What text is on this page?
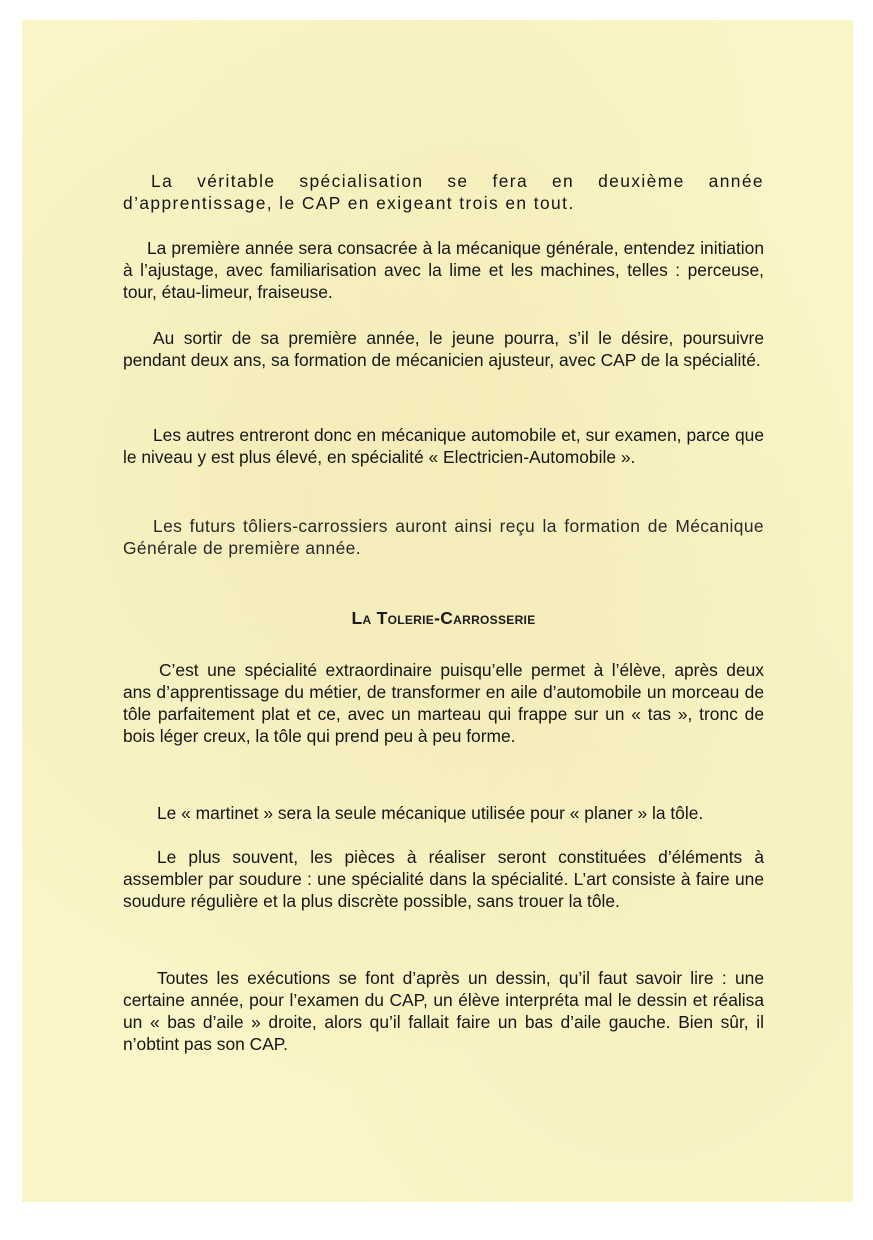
La véritable spécialisation se fera en deuxième année d’apprentissage, le CAP en exigeant trois en tout.

La première année sera consacrée à la mécanique générale, entendez initiation à l’ajustage, avec familiarisation avec la lime et les machines, telles : perceuse, tour, étau-limeur, fraiseuse.

Au sortir de sa première année, le jeune pourra, s’il le désire, poursuivre pendant deux ans, sa formation de mécanicien ajusteur, avec CAP de la spécialité.

Les autres entreront donc en mécanique automobile et, sur examen, parce que le niveau y est plus élevé, en spécialité « Electricien-Automobile ».

Les futurs tôliers-carrossiers auront ainsi reçu la formation de Mécanique Générale de première année.

La Tolerie-Carrosserie

C’est une spécialité extraordinaire puisqu’elle permet à l’élève, après deux ans d’apprentissage du métier, de transformer en aile d’automobile un morceau de tôle parfaitement plat et ce, avec un marteau qui frappe sur un « tas », tronc de bois léger creux, la tôle qui prend peu à peu forme.

Le « martinet » sera la seule mécanique utilisée pour « planer » la tôle.

Le plus souvent, les pièces à réaliser seront constituées d’éléments à assembler par soudure : une spécialité dans la spécialité. L’art consiste à faire une soudure régulière et la plus discrète possible, sans trouer la tôle.

Toutes les exécutions se font d’après un dessin, qu’il faut savoir lire : une certaine année, pour l’examen du CAP, un élève interpréta mal le dessin et réalisa un « bas d’aile » droite, alors qu’il fallait faire un bas d’aile gauche. Bien sûr, il n’obtint pas son CAP.
